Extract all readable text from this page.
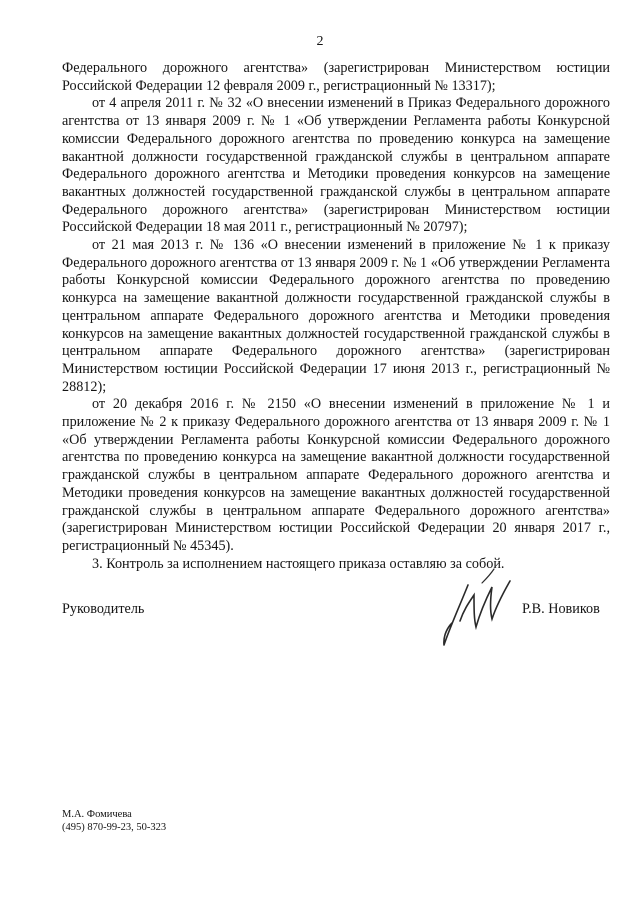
2

Федерального дорожного агентства» (зарегистрирован Министерством юстиции Российской Федерации 12 февраля 2009 г., регистрационный № 13317);

от 4 апреля 2011 г. № 32 «О внесении изменений в Приказ Федерального дорожного агентства от 13 января 2009 г. № 1 «Об утверждении Регламента работы Конкурсной комиссии Федерального дорожного агентства по проведению конкурса на замещение вакантной должности государственной гражданской службы в центральном аппарате Федерального дорожного агентства и Методики проведения конкурсов на замещение вакантных должностей государственной гражданской службы в центральном аппарате Федерального дорожного агентства» (зарегистрирован Министерством юстиции Российской Федерации 18 мая 2011 г., регистрационный № 20797);

от 21 мая 2013 г. № 136 «О внесении изменений в приложение № 1 к приказу Федерального дорожного агентства от 13 января 2009 г. № 1 «Об утверждении Регламента работы Конкурсной комиссии Федерального дорожного агентства по проведению конкурса на замещение вакантной должности государственной гражданской службы в центральном аппарате Федерального дорожного агентства и Методики проведения конкурсов на замещение вакантных должностей государственной гражданской службы в центральном аппарате Федерального дорожного агентства» (зарегистрирован Министерством юстиции Российской Федерации 17 июня 2013 г., регистрационный № 28812);

от 20 декабря 2016 г. № 2150 «О внесении изменений в приложение № 1 и приложение № 2 к приказу Федерального дорожного агентства от 13 января 2009 г. № 1 «Об утверждении Регламента работы Конкурсной комиссии Федерального дорожного агентства по проведению конкурса на замещение вакантной должности государственной гражданской службы в центральном аппарате Федерального дорожного агентства и Методики проведения конкурсов на замещение вакантных должностей государственной гражданской службы в центральном аппарате Федерального дорожного агентства» (зарегистрирован Министерством юстиции Российской Федерации 20 января 2017 г., регистрационный № 45345).

3. Контроль за исполнением настоящего приказа оставляю за собой.

Руководитель	Р.В. Новиков
М.А. Фомичева
(495) 870-99-23, 50-323
